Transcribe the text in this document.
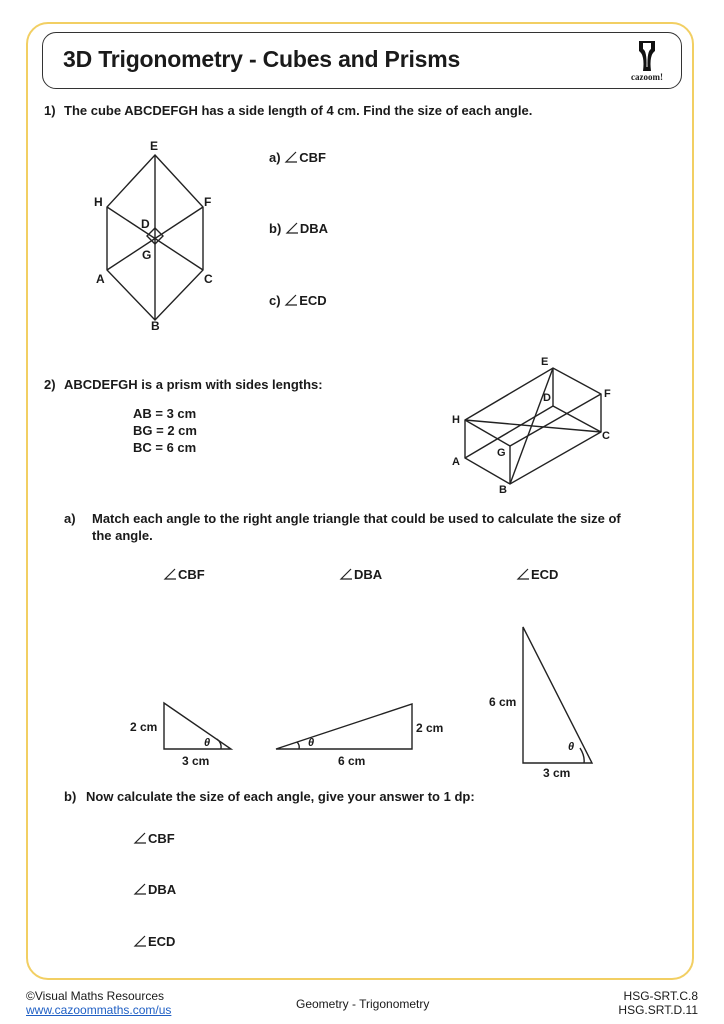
3D Trigonometry - Cubes and Prisms
cazoom!
1) The cube ABCDEFGH has a side length of 4 cm. Find the size of each angle.
E
H	F
D
G
A	C
B
a) CBF
b) DBA
c) ECD
2) ABCDEFGH is a prism with sides lengths:
AB = 3 cm
BG = 2 cm
BC = 6 cm
E
D	F
H
C
G
A
B
a) Match each angle to the right angle triangle that could be used to calculate the size of
the angle.
CBF	DBA	ECD
2 cm
3 cm
θ
2 cm
6 cm
θ
6 cm
3 cm
θ
b) Now calculate the size of each angle, give your answer to 1 dp:
CBF
DBA
ECD
©Visual Maths Resources
www.cazoommaths.com/us	Geometry - Trigonometry
HSG-SRT.C.8
HSG.SRT.D.11
